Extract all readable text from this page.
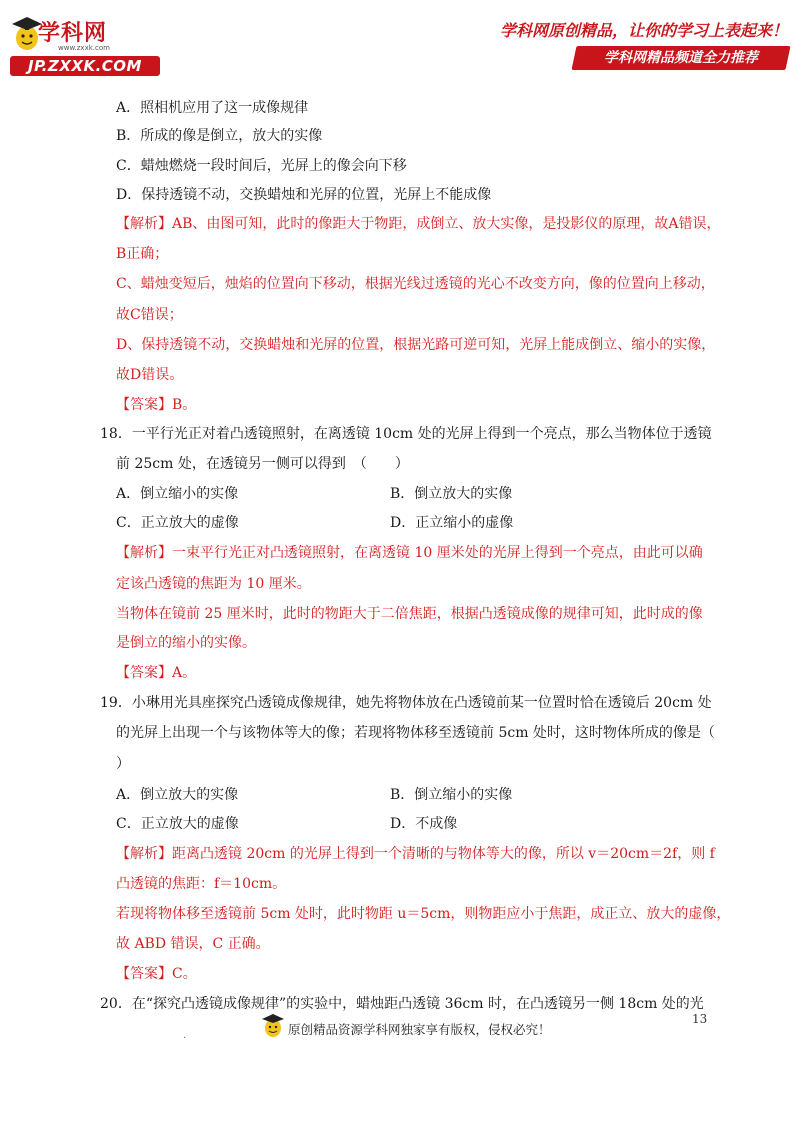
学科网
www.zxxk.com
JP.ZXXK.COM
学科网原创精品，让你的学习上表起来！
学科网精品频道全力推荐
A．照相机应用了这一成像规律
B．所成的像是倒立，放大的实像
C．蜡烛燃烧一段时间后，光屏上的像会向下移
D．保持透镜不动，交换蜡烛和光屏的位置，光屏上不能成像
【解析】AB、由图可知，此时的像距大于物距，成倒立、放大实像，是投影仪的原理，故A错误，
B正确；
C、蜡烛变短后，烛焰的位置向下移动，根据光线过透镜的光心不改变方向，像的位置向上移动，
故C错误；
D、保持透镜不动，交换蜡烛和光屏的位置，根据光路可逆可知，光屏上能成倒立、缩小的实像，
故D错误。
【答案】B。
18．一平行光正对着凸透镜照射，在离透镜 10cm 处的光屏上得到一个亮点，那么当物体位于透镜
前 25cm 处，在透镜另一侧可以得到　（　　）
A．倒立缩小的实像	B．倒立放大的实像
C．正立放大的虚像	D．正立缩小的虚像
【解析】一束平行光正对凸透镜照射，在离透镜 10 厘米处的光屏上得到一个亮点，由此可以确
定该凸透镜的焦距为 10 厘米。
当物体在镜前 25 厘米时，此时的物距大于二倍焦距，根据凸透镜成像的规律可知，此时成的像
是倒立的缩小的实像。
【答案】A。
19．小琳用光具座探究凸透镜成像规律，她先将物体放在凸透镜前某一位置时恰在透镜后 20cm 处
的光屏上出现一个与该物体等大的像；若现将物体移至透镜前 5cm 处时，这时物体所成的像是（
）
A．倒立放大的实像	B．倒立缩小的实像
C．正立放大的虚像	D．不成像
【解析】距离凸透镜 20cm 的光屏上得到一个清晰的与物体等大的像，所以 v＝20cm＝2f，则 f
凸透镜的焦距：f＝10cm。
若现将物体移至透镜前 5cm 处时，此时物距 u＝5cm，则物距应小于焦距，成正立、放大的虚像，
故 ABD 错误，C 正确。
【答案】C。
20．在“探究凸透镜成像规律”的实验中，蜡烛距凸透镜 36cm 时，在凸透镜另一侧 18cm 处的光
13
.	原创精品资源学科网独家享有版权，侵权必究！
